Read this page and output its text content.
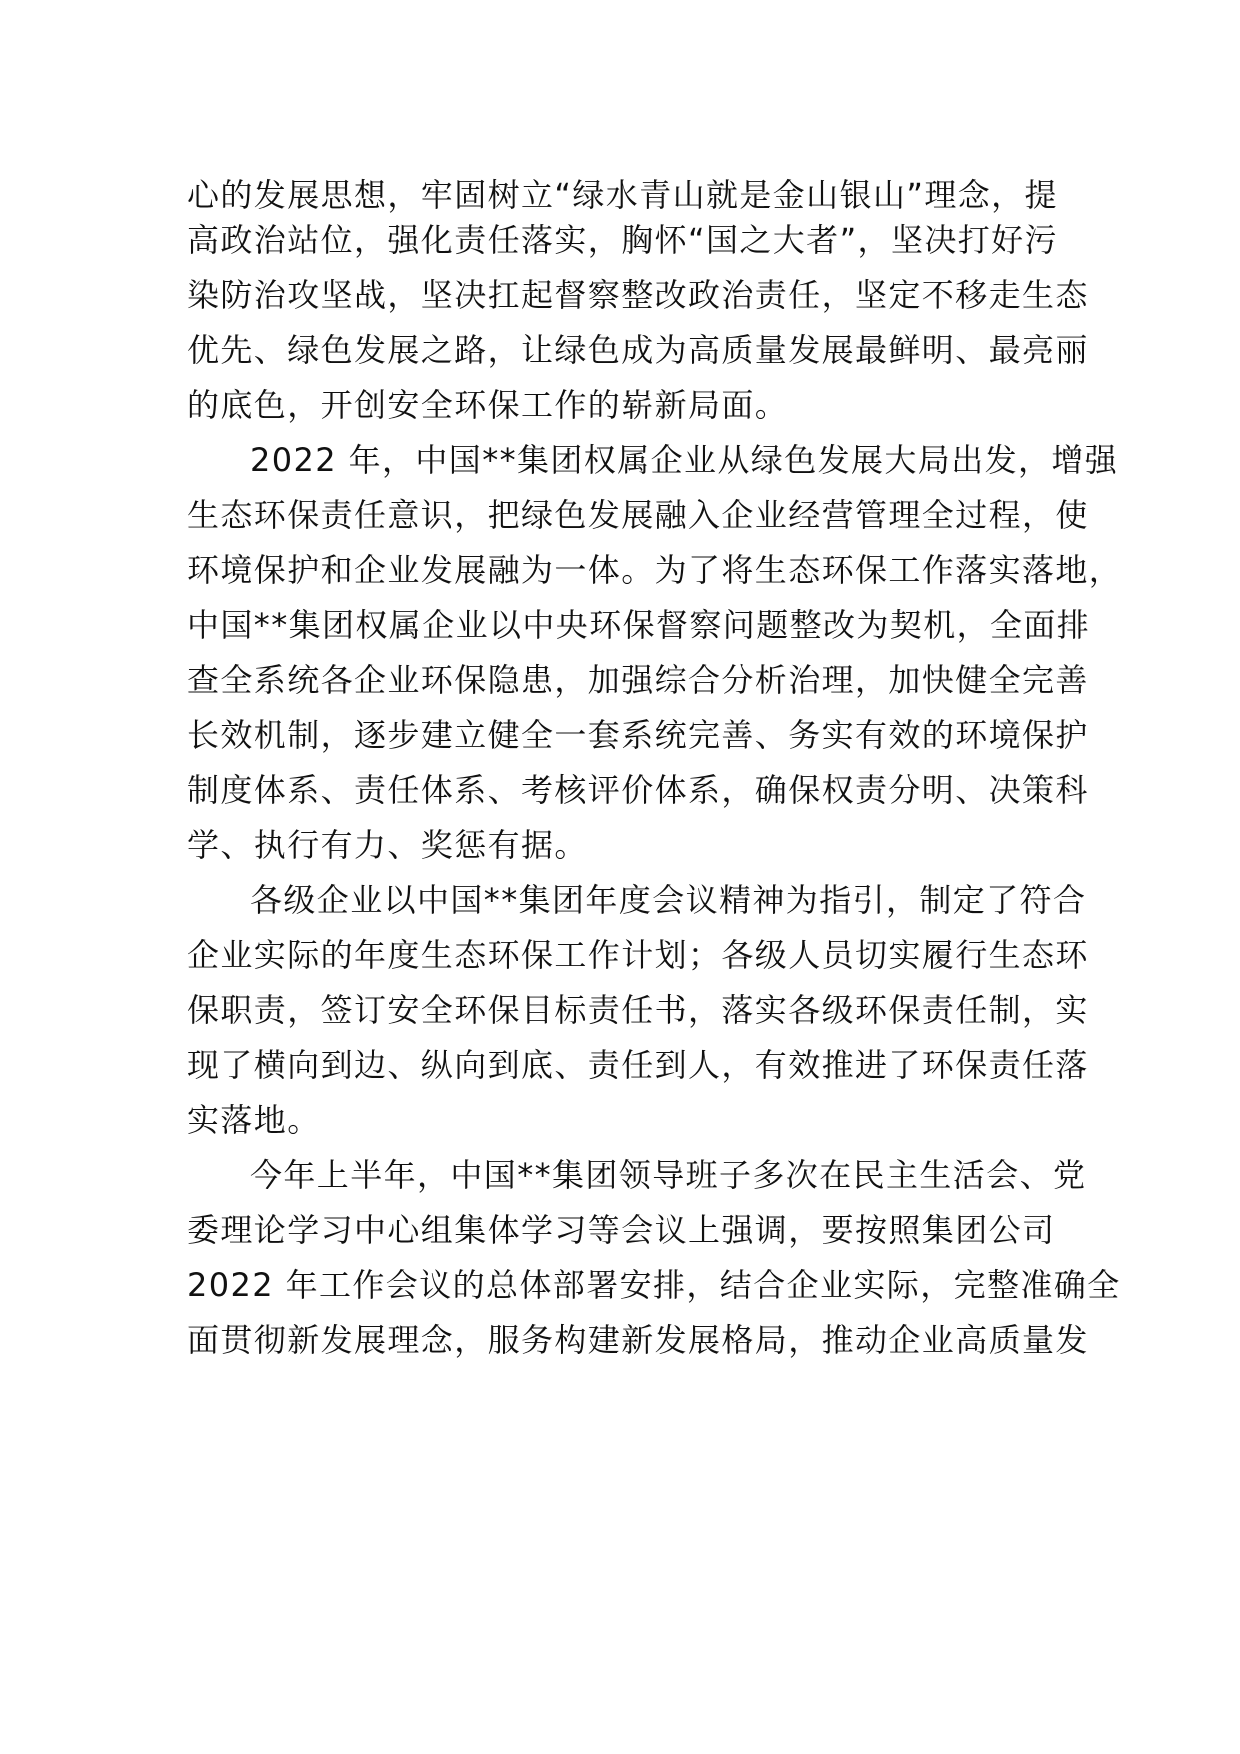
心的发展思想，牢固树立“绿水青山就是金山银山”理念，提
高政治站位，强化责任落实，胸怀“国之大者”，坚决打好污
染防治攻坚战，坚决扛起督察整改政治责任，坚定不移走生态
优先、绿色发展之路，让绿色成为高质量发展最鲜明、最亮丽
的底色，开创安全环保工作的崭新局面。
2022 年，中国**集团权属企业从绿色发展大局出发，增强
生态环保责任意识，把绿色发展融入企业经营管理全过程，使
环境保护和企业发展融为一体。为了将生态环保工作落实落地，
中国**集团权属企业以中央环保督察问题整改为契机，全面排
查全系统各企业环保隐患，加强综合分析治理，加快健全完善
长效机制，逐步建立健全一套系统完善、务实有效的环境保护
制度体系、责任体系、考核评价体系，确保权责分明、决策科
学、执行有力、奖惩有据。
各级企业以中国**集团年度会议精神为指引，制定了符合
企业实际的年度生态环保工作计划；各级人员切实履行生态环
保职责，签订安全环保目标责任书，落实各级环保责任制，实
现了横向到边、纵向到底、责任到人，有效推进了环保责任落
实落地。
今年上半年，中国**集团领导班子多次在民主生活会、党
委理论学习中心组集体学习等会议上强调，要按照集团公司
2022 年工作会议的总体部署安排，结合企业实际，完整准确全
面贯彻新发展理念，服务构建新发展格局，推动企业高质量发
